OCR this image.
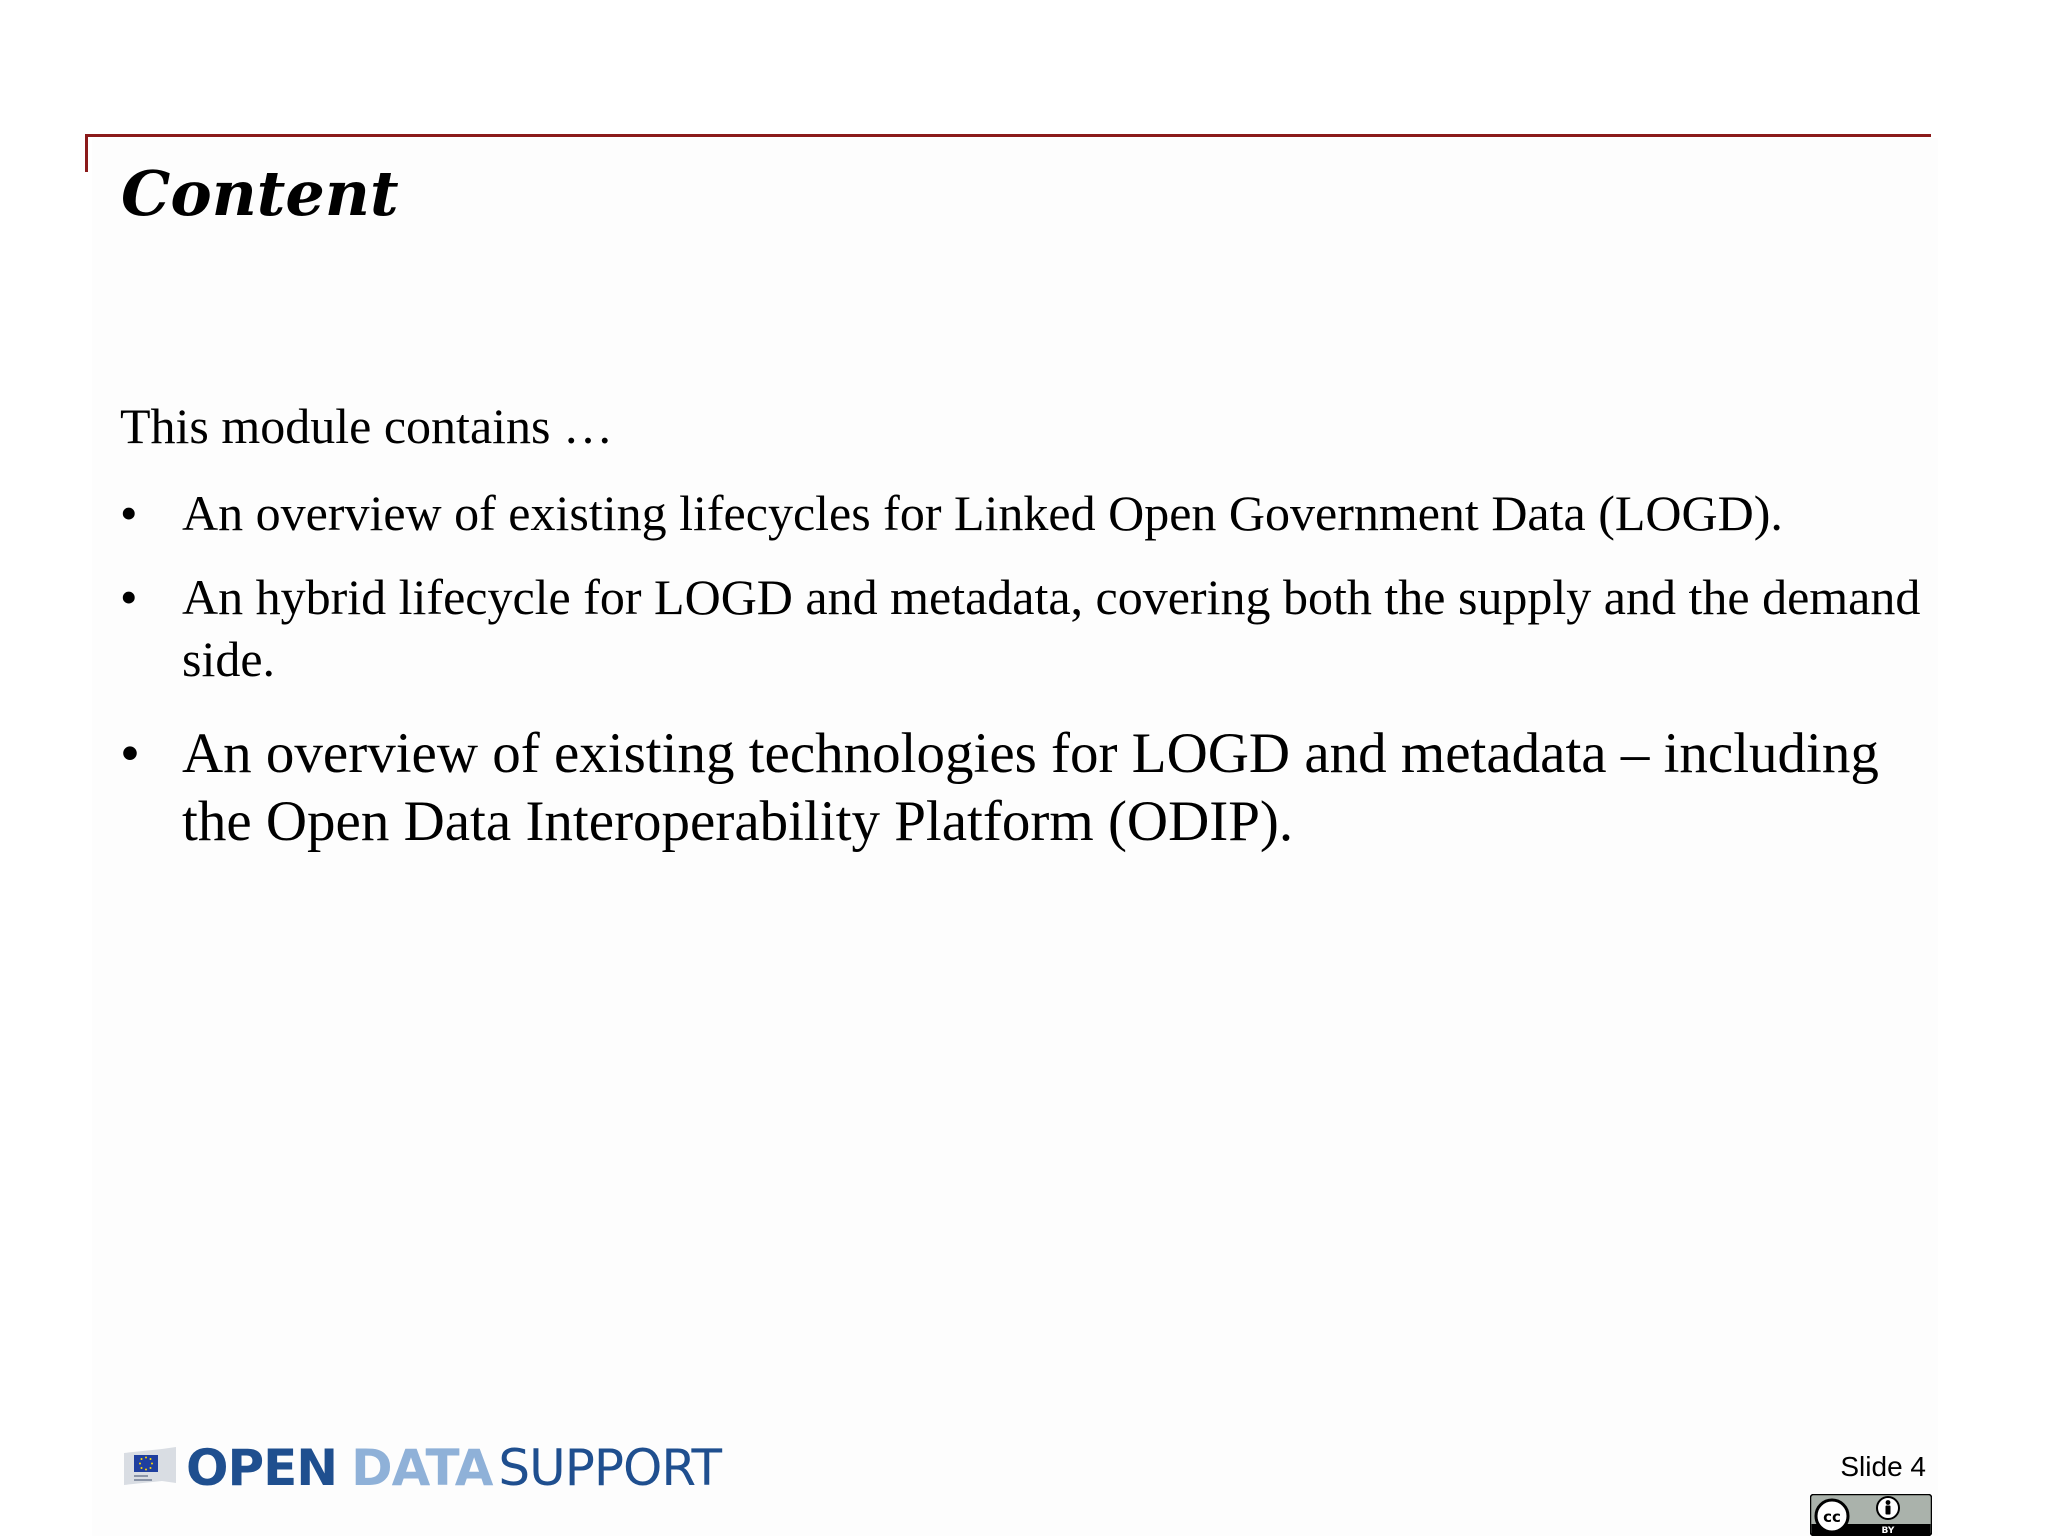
Content

This module contains …

• An overview of existing lifecycles for Linked Open Government Data (LOGD).
• An hybrid lifecycle for LOGD and metadata, covering both the supply and the demand side.
• An overview of existing technologies for LOGD and metadata – including the Open Data Interoperability Platform (ODIP).
OPEN DATA SUPPORT	Slide 4
cc
BY
